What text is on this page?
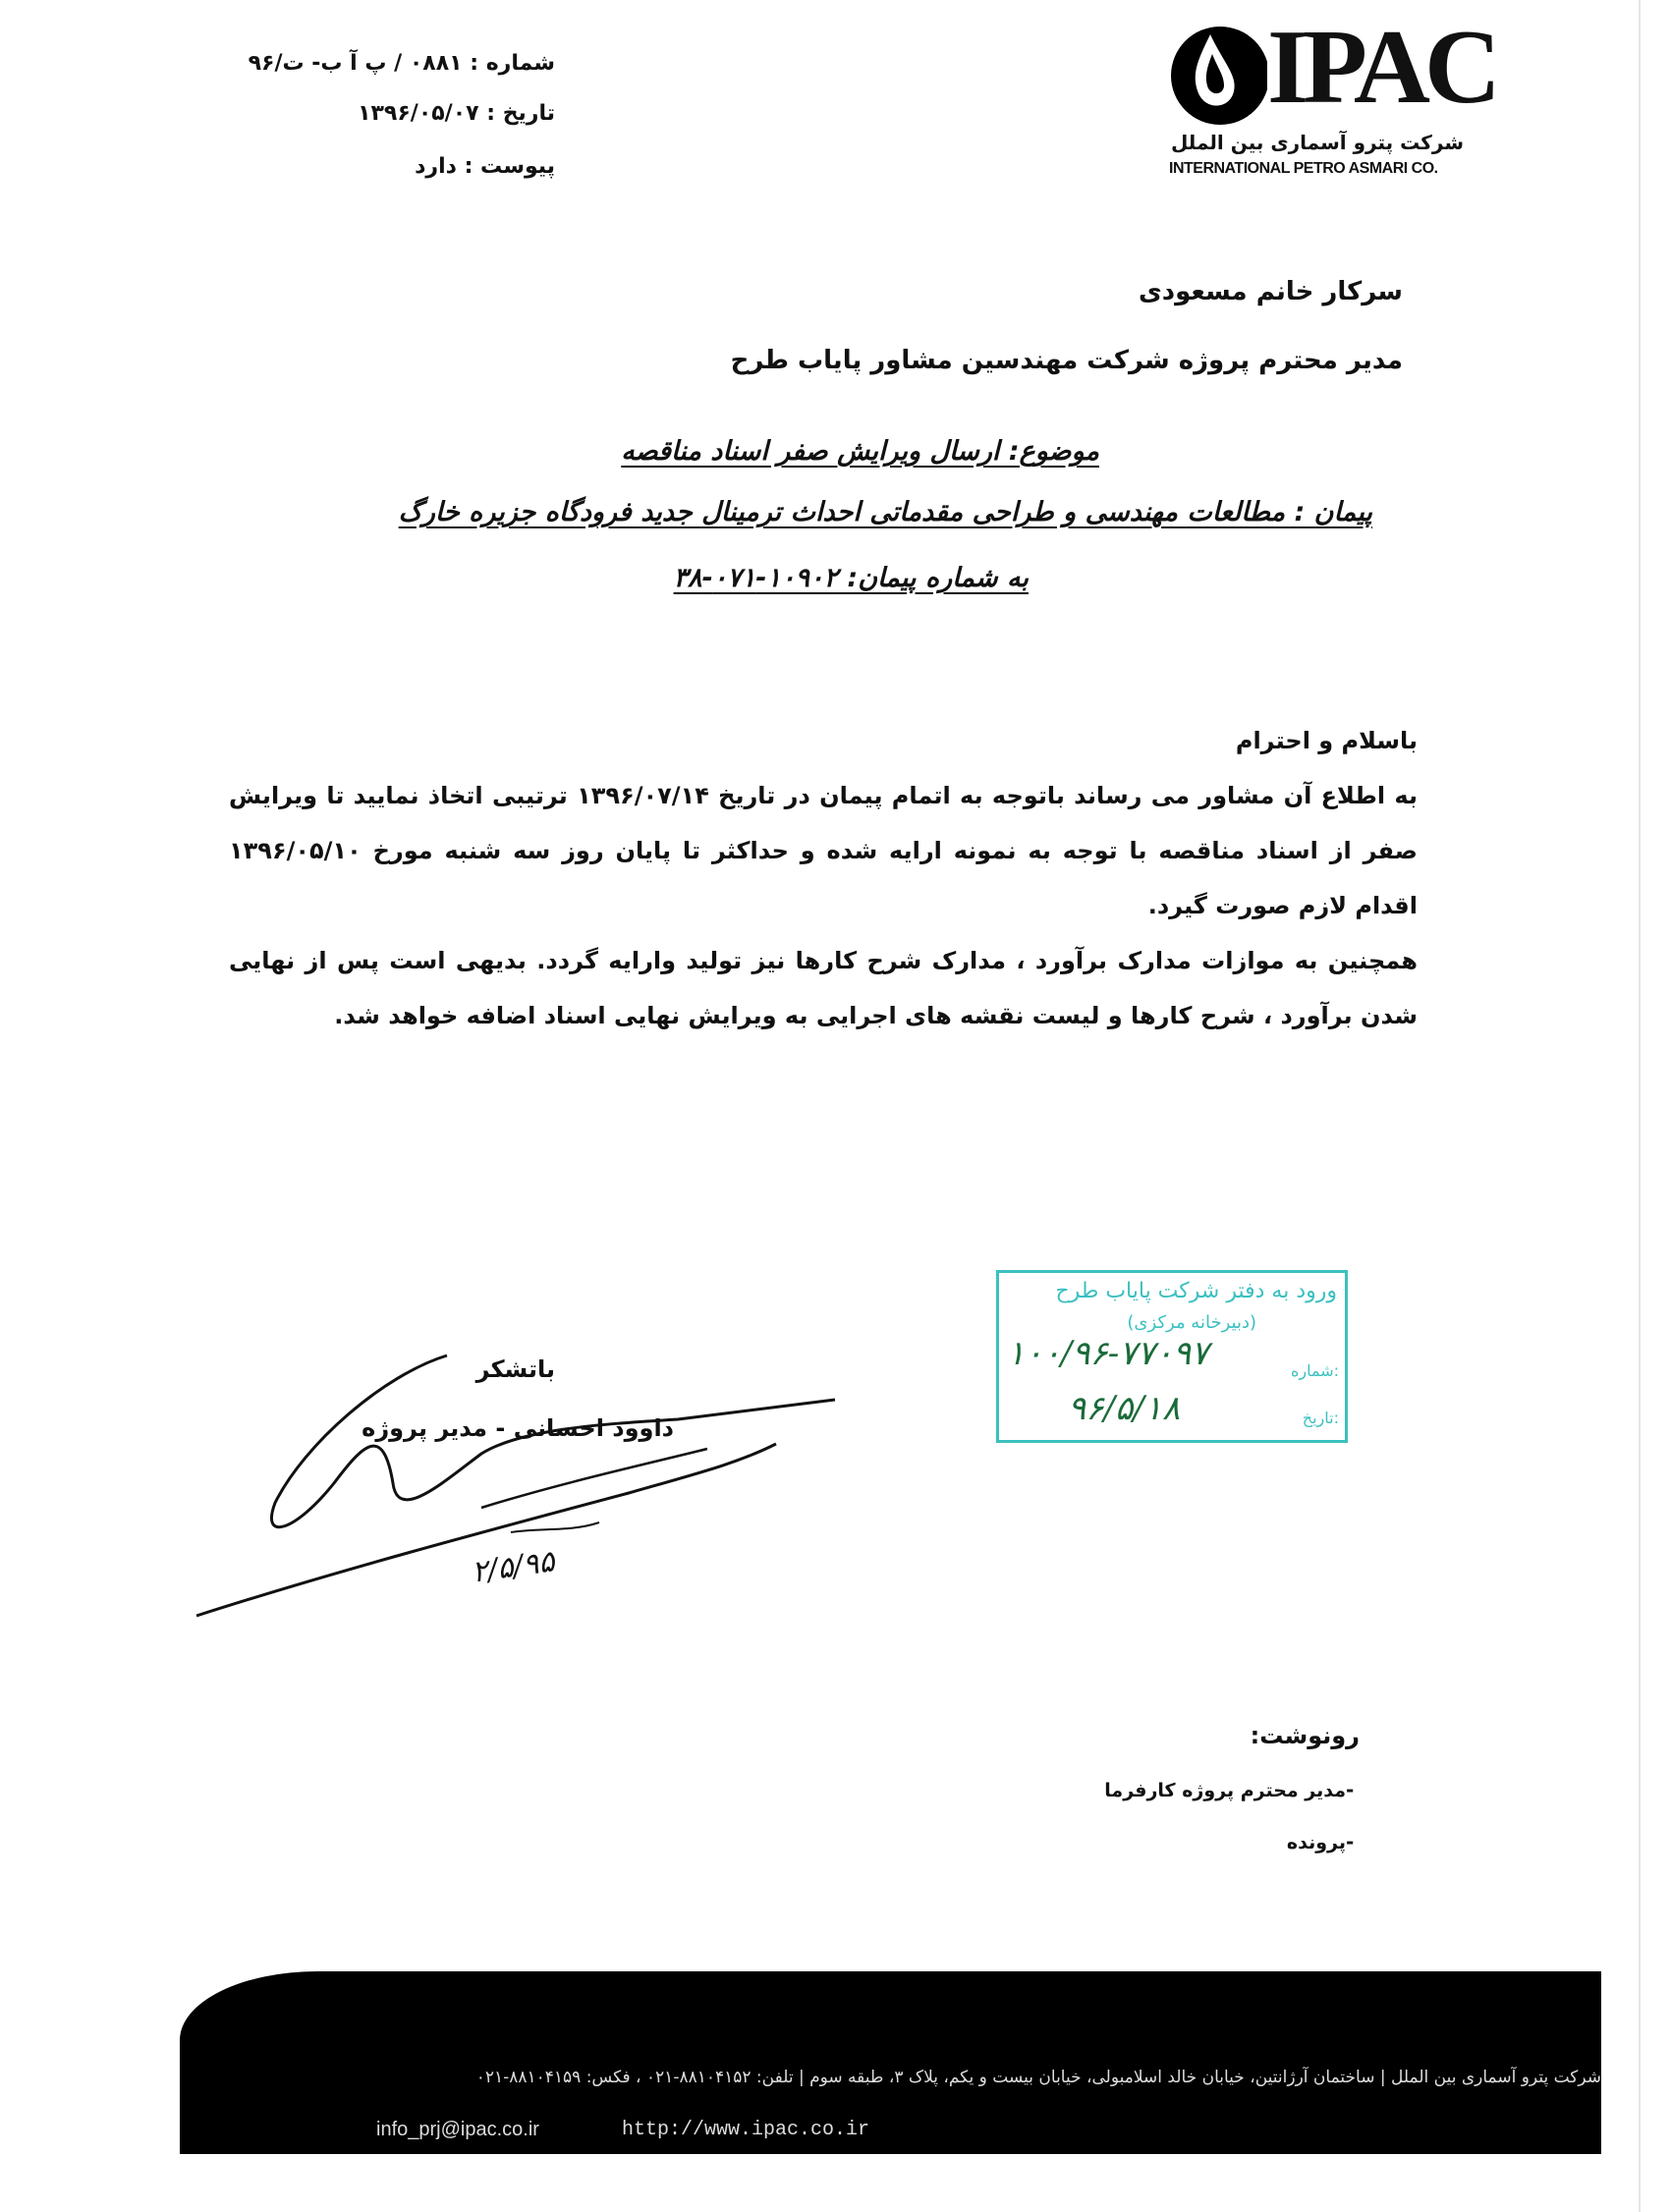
شماره : ۰۸۸۱ / پ آ ب- ت/۹۶
تاریخ : ۱۳۹۶/۰۵/۰۷
پیوست : دارد
IPAC
شرکت پترو آسماری بین الملل
INTERNATIONAL PETRO ASMARI CO.
سرکار خانم مسعودی
مدیر محترم پروژه شرکت مهندسین مشاور پایاب طرح
موضوع: ارسال ویرایش صفر اسناد مناقصه
پیمان : مطالعات مهندسی و طراحی مقدماتی احداث ترمینال جدید فرودگاه جزیره خارگ
به شماره پیمان: ۱۰۹۰۲-۰۷۱-۳۸

باسلام و احترام

به اطلاع آن مشاور می رساند باتوجه به اتمام پیمان در تاریخ ۱۳۹۶/۰۷/۱۴ ترتیبی اتخاذ نمایید تا ویرایش صفر از اسناد مناقصه با توجه به نمونه ارایه شده و حداکثر تا پایان روز سه شنبه مورخ ۱۳۹۶/۰۵/۱۰ اقدام لازم صورت گیرد.

همچنین به موازات مدارک برآورد ، مدارک شرح کارها نیز تولید وارایه گردد. بدیهی است پس از نهایی شدن برآورد ، شرح کارها و لیست نقشه های اجرایی به ویرایش نهایی اسناد اضافه خواهد شد.

باتشکر
داوود احسانی - مدیر پروژه
۲/۵/۹۵
ورود به دفتر شرکت پایاب طرح
(دبیرخانه مرکزی)
شماره:
۱۰۰/۹۶-۷۷۰۹۷
تاریخ:
۹۶/۵/۱۸
رونوشت:
-
مدیر محترم پروژه کارفرما
-
پرونده
شرکت پترو آسماری بین الملل | ساختمان آرژانتین، خیابان خالد اسلامبولی، خیابان بیست و یکم، پلاک ۳، طبقه سوم | تلفن: ۸۸۱۰۴۱۵۲-۰۲۱ ، فکس: ۸۸۱۰۴۱۵۹-۰۲۱
info_prj@ipac.co.ir	http://www.ipac.co.ir
